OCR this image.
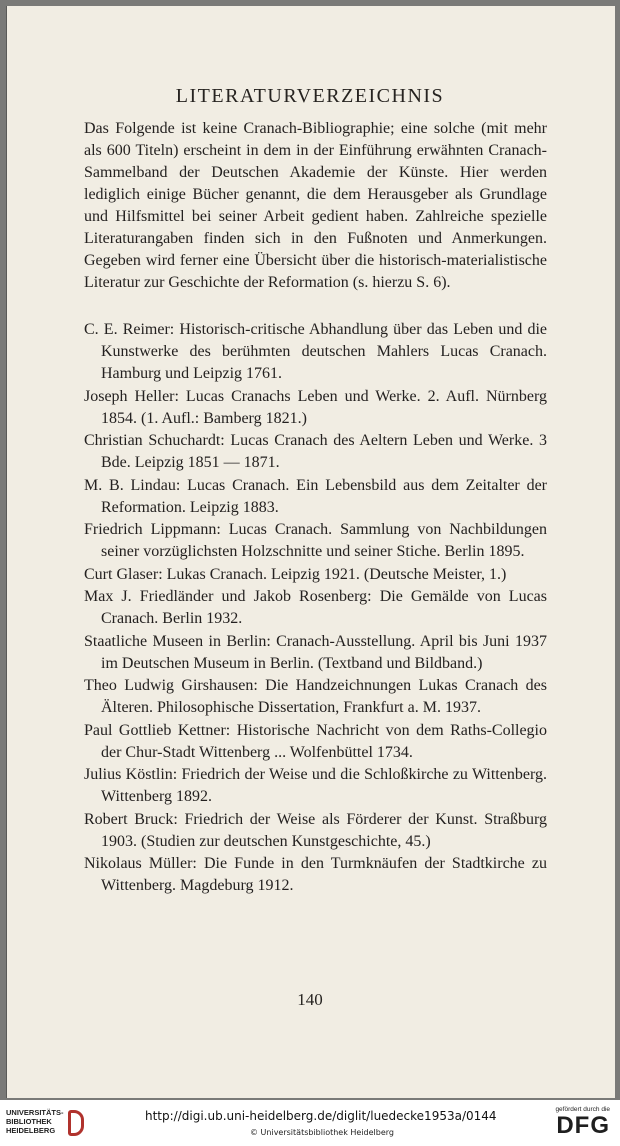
LITERATURVERZEICHNIS
Das Folgende ist keine Cranach-Bibliographie; eine solche (mit mehr als 600 Titeln) erscheint in dem in der Einführung erwähnten Cranach-Sammelband der Deutschen Akademie der Künste. Hier werden lediglich einige Bücher genannt, die dem Herausgeber als Grundlage und Hilfsmittel bei seiner Arbeit gedient haben. Zahlreiche spezielle Literaturangaben finden sich in den Fußnoten und Anmerkungen. Gegeben wird ferner eine Übersicht über die historisch-materialistische Literatur zur Geschichte der Reformation (s. hierzu S. 6).

C. E. Reimer: Historisch-critische Abhandlung über das Leben und die Kunstwerke des berühmten deutschen Mahlers Lucas Cranach. Hamburg und Leipzig 1761.

Joseph Heller: Lucas Cranachs Leben und Werke. 2. Aufl. Nürnberg 1854. (1. Aufl.: Bamberg 1821.)

Christian Schuchardt: Lucas Cranach des Aeltern Leben und Werke. 3 Bde. Leipzig 1851 — 1871.

M. B. Lindau: Lucas Cranach. Ein Lebensbild aus dem Zeitalter der Reformation. Leipzig 1883.

Friedrich Lippmann: Lucas Cranach. Sammlung von Nachbildungen seiner vorzüglichsten Holzschnitte und seiner Stiche. Berlin 1895.

Curt Glaser: Lukas Cranach. Leipzig 1921. (Deutsche Meister, 1.)

Max J. Friedländer und Jakob Rosenberg: Die Gemälde von Lucas Cranach. Berlin 1932.

Staatliche Museen in Berlin: Cranach-Ausstellung. April bis Juni 1937 im Deutschen Museum in Berlin. (Textband und Bildband.)

Theo Ludwig Girshausen: Die Handzeichnungen Lukas Cranach des Älteren. Philosophische Dissertation, Frankfurt a. M. 1937.

Paul Gottlieb Kettner: Historische Nachricht von dem Raths-Collegio der Chur-Stadt Wittenberg ... Wolfenbüttel 1734.

Julius Köstlin: Friedrich der Weise und die Schloßkirche zu Wittenberg. Wittenberg 1892.

Robert Bruck: Friedrich der Weise als Förderer der Kunst. Straßburg 1903. (Studien zur deutschen Kunstgeschichte, 45.)

Nikolaus Müller: Die Funde in den Turmknäufen der Stadtkirche zu Wittenberg. Magdeburg 1912.

140
UNIVERSITÄTS-
BIBLIOTHEK
HEIDELBERG
http://digi.ub.uni-heidelberg.de/diglit/luedecke1953a/0144
© Universitätsbibliothek Heidelberg
gefördert durch die
DFG
